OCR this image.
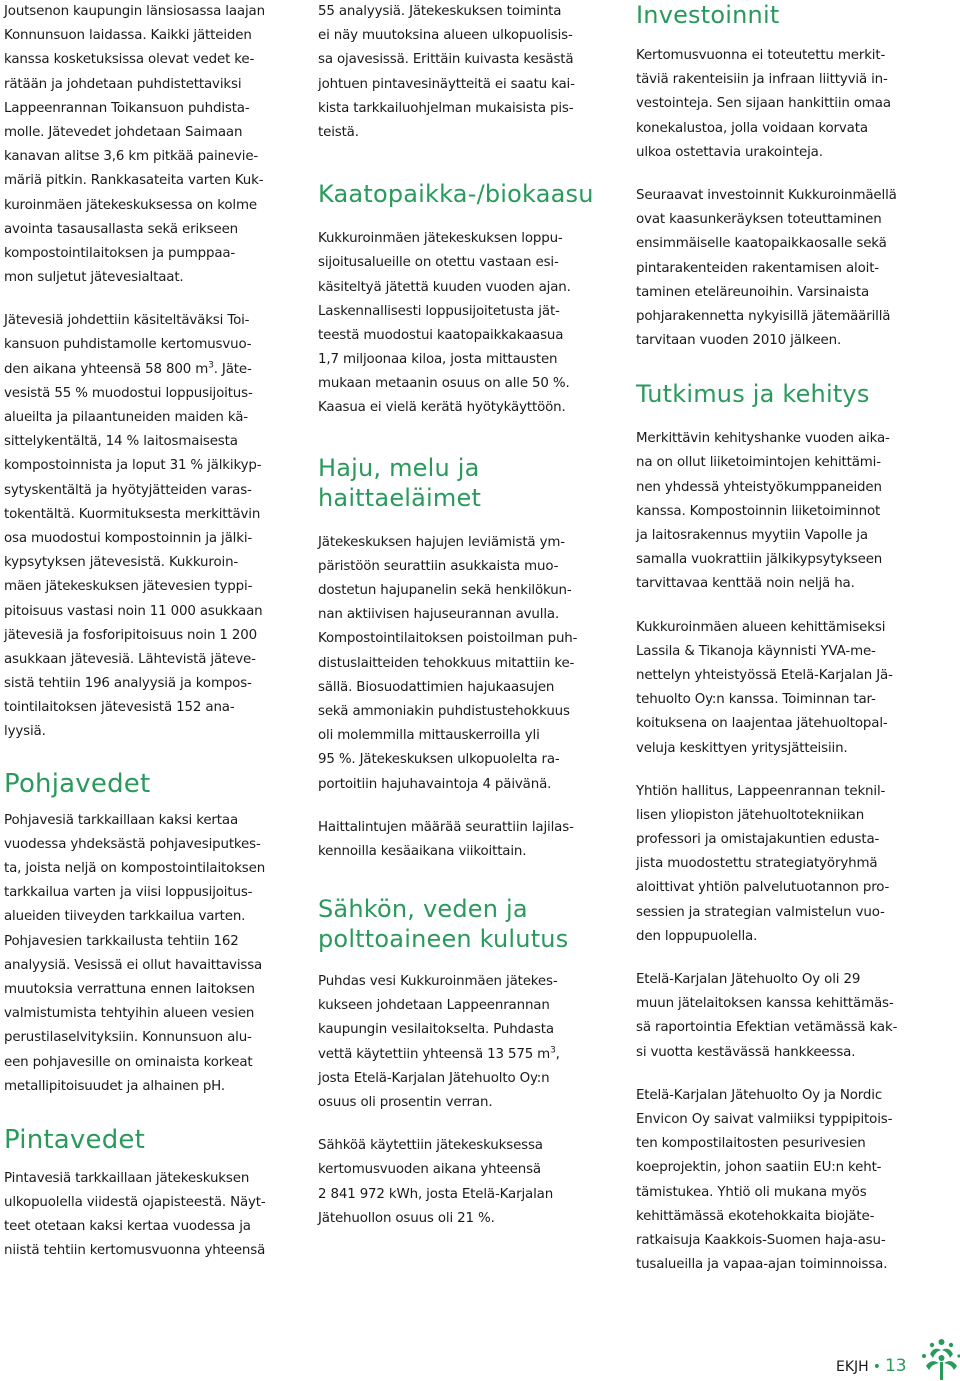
Joutsenon kaupungin länsiosassa laajan
Konnunsuon laidassa. Kaikki jätteiden
kanssa kosketuksissa olevat vedet ke-
rätään ja johdetaan puhdistettaviksi
Lappeenrannan Toikansuon puhdista-
molle. Jätevedet johdetaan Saimaan
kanavan alitse 3,6 km pitkää painevie-
märiä pitkin. Rankkasateita varten Kuk-
kuroinmäen jätekeskuksessa on kolme
avointa tasausallasta sekä erikseen
kompostointilaitoksen ja pumppaa-
mon suljetut jätevesialtaat.
Jätevesiä johdettiin käsiteltäväksi Toi-
kansuon puhdistamolle kertomusvuo-
den aikana yhteensä 58 800 $m^3$. Jäte-
vesistä 55 % muodostui loppusijoitus-
alueilta ja pilaantuneiden maiden kä-
sittelykentältä, 14 % laitosmaisesta
kompostoinnista ja loput 31 % jälkikyp-
sytyskentältä ja hyötyjätteiden varas-
tokentältä. Kuormituksesta merkittävin
osa muodostui kompostoinnin ja jälki-
kypsytyksen jätevesistä. Kukkuroin-
mäen jätekeskuksen jätevesien typpi-
pitoisuus vastasi noin 11 000 asukkaan
jätevesiä ja fosforipitoisuus noin 1 200
asukkaan jätevesiä. Lähtevistä jäteve-
sistä tehtiin 196 analyysiä ja kompos-
tointilaitoksen jätevesistä 152 ana-
lyysiä.
Pohjavedet
Pohjavesiä tarkkaillaan kaksi kertaa
vuodessa yhdeksästä pohjavesiputkes-
ta, joista neljä on kompostointilaitoksen
tarkkailua varten ja viisi loppusijoitus-
alueiden tiiveyden tarkkailua varten.
Pohjavesien tarkkailusta tehtiin 162
analyysiä. Vesissä ei ollut havaittavissa
muutoksia verrattuna ennen laitoksen
valmistumista tehtyihin alueen vesien
perustilaselvityksiin. Konnunsuon alu-
een pohjavesille on ominaista korkeat
metallipitoisuudet ja alhainen pH.
Pintavedet
Pintavesiä tarkkaillaan jätekeskuksen
ulkopuolella viidestä ojapisteestä. Näyt-
teet otetaan kaksi kertaa vuodessa ja
niistä tehtiin kertomusvuonna yhteensä
55 analyysiä. Jätekeskuksen toiminta
ei näy muutoksina alueen ulkopuolisis-
sa ojavesissä. Erittäin kuivasta kesästä
johtuen pintavesinäytteitä ei saatu kai-
kista tarkkailuohjelman mukaisista pis-
teistä.
Kaatopaikka-/biokaasu
Kukkuroinmäen jätekeskuksen loppu-
sijoitusalueille on otettu vastaan esi-
käsiteltyä jätettä kuuden vuoden ajan.
Laskennallisesti loppusijoitetusta jät-
teestä muodostui kaatopaikkakaasua
1,7 miljoonaa kiloa, josta mittausten
mukaan metaanin osuus on alle 50 %.
Kaasua ei vielä kerätä hyötykäyttöön.
Haju, melu ja haittaeläimet
Jätekeskuksen hajujen leviämistä ym-
päristöön seurattiin asukkaista muo-
dostetun hajupanelin sekä henkilökun-
nan aktiivisen hajuseurannan avulla.
Kompostointilaitoksen poistoilman puh-
distuslaitteiden tehokkuus mitattiin ke-
sällä. Biosuodattimien hajukaasujen
sekä ammoniakin puhdistustehokkuus
oli molemmilla mittauskerroilla yli
95 %. Jätekeskuksen ulkopuolelta ra-
portoitiin hajuhavaintoja 4 päivänä.
Haittalintujen määrää seurattiin lajilas-
kennoilla kesäaikana viikoittain.
Sähkön, veden ja
polttoaineen kulutus
Puhdas vesi Kukkuroinmäen jätekes-
kukseen johdetaan Lappeenrannan
kaupungin vesilaitokselta. Puhdasta
vettä käytettiin yhteensä 13 575 $m^3$,
josta Etelä-Karjalan Jätehuolto Oy:n
osuus oli prosentin verran.
Sähköä käytettiin jätekeskuksessa
kertomusvuoden aikana yhteensä
2 841 972 kWh, josta Etelä-Karjalan
Jätehuollon osuus oli 21 %.
Investoinnit
Kertomusvuonna ei toteutettu merkit-
täviä rakenteisiin ja infraan liittyviä in-
vestointeja. Sen sijaan hankittiin omaa
konekalustoa, jolla voidaan korvata
ulkoa ostettavia urakointeja.
Seuraavat investoinnit Kukkuroinmäellä
ovat kaasunkeräyksen toteuttaminen
ensimmäiselle kaatopaikkaosalle sekä
pintarakenteiden rakentamisen aloit-
taminen eteläreunoihin. Varsinaista
pohjarakennetta nykyisillä jätemäärillä
tarvitaan vuoden 2010 jälkeen.
Tutkimus ja kehitys
Merkittävin kehityshanke vuoden aika-
na on ollut liiketoimintojen kehittämi-
nen yhdessä yhteistyökumppaneiden
kanssa. Kompostoinnin liiketoiminnot
ja laitosrakennus myytiin Vapolle ja
samalla vuokrattiin jälkikypsytykseen
tarvittavaa kenttää noin neljä ha.
Kukkuroinmäen alueen kehittämiseksi
Lassila & Tikanoja käynnisti YVA-me-
nettelyn yhteistyössä Etelä-Karjalan Jä-
tehuolto Oy:n kanssa. Toiminnan tar-
koituksena on laajentaa jätehuoltopal-
veluja keskittyen yritysjätteisiin.
Yhtiön hallitus, Lappeenrannan teknil-
lisen yliopiston jätehuoltotekniikan
professori ja omistajakuntien edusta-
jista muodostettu strategiatyöryhmä
aloittivat yhtiön palvelutuotannon pro-
sessien ja strategian valmistelun vuo-
den loppupuolella.
Etelä-Karjalan Jätehuolto Oy oli 29
muun jätelaitoksen kanssa kehittämäs-
sä raportointia Efektian vetämässä kak-
si vuotta kestävässä hankkeessa.
Etelä-Karjalan Jätehuolto Oy ja Nordic
Envicon Oy saivat valmiiksi typpipitois-
ten kompostilaitosten pesurivesien
koeprojektin, johon saatiin EU:n keht-
tämistukea. Yhtiö oli mukana myös
kehittämässä ekotehokkaita biojäte-
ratkaisuja Kaakkois-Suomen haja-asu-
tusalueilla ja vapaa-ajan toiminnoissa.
EKJH • 13
